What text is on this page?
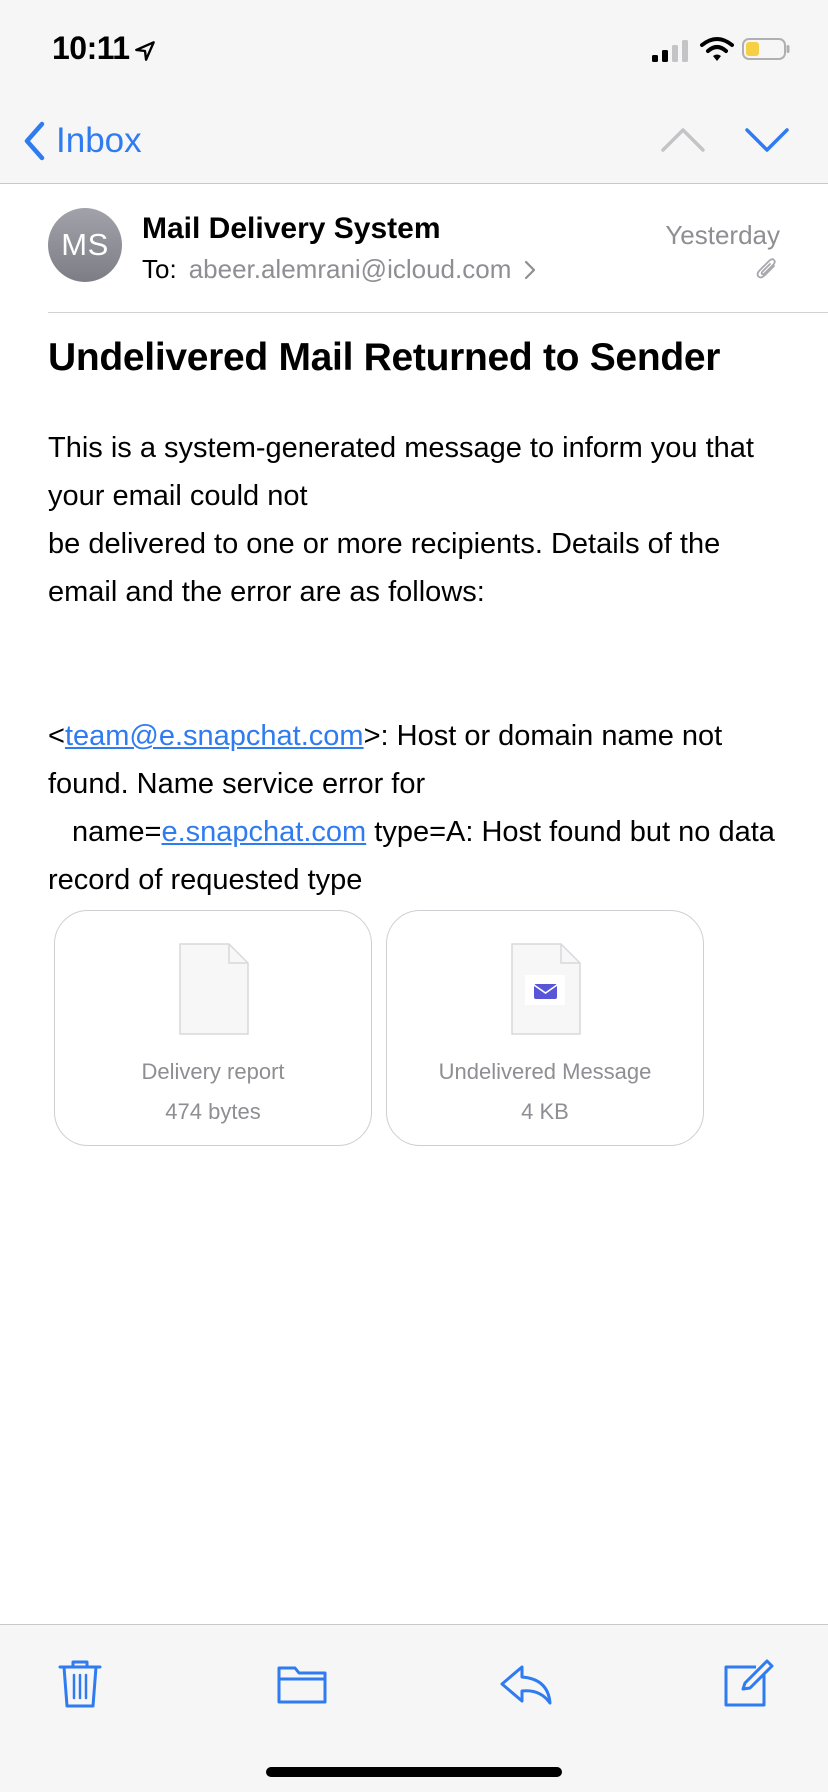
10:11
Inbox
MS	Mail Delivery System
To: abeer.alemrani@icloud.com
Yesterday
Undelivered Mail Returned to Sender
This is a system-generated message to inform you that your email could not
be delivered to one or more recipients. Details of the email and the error are as follows:
<team@e.snapchat.com>: Host or domain name not found. Name service error for
name=e.snapchat.com type=A: Host found but no data record of requested type
Delivery report
474 bytes
Undelivered Message
4 KB
